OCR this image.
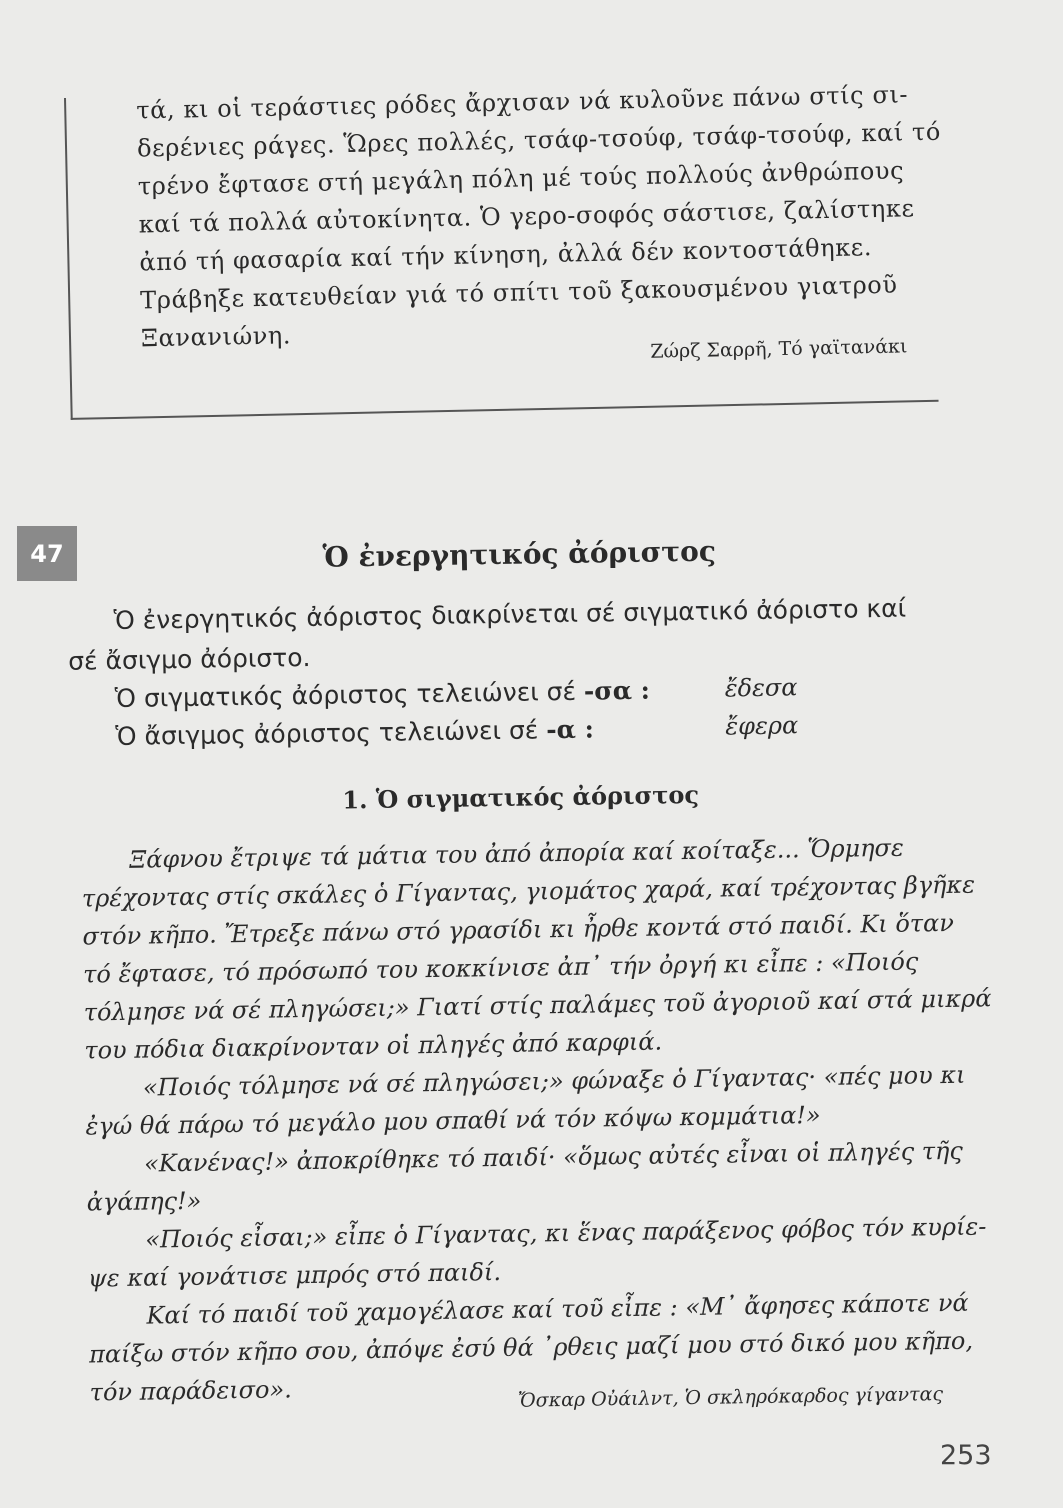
τά, κι οἱ τεράστιες ρόδες ἄρχισαν νά κυλοῦνε πάνω στίς σι-
δερένιες ράγες. Ὥρες πολλές, τσάφ-τσούφ, τσάφ-τσούφ, καί τό
τρένο ἔφτασε στή μεγάλη πόλη μέ τούς πολλούς ἀνθρώπους
καί τά πολλά αὐτοκίνητα. Ὁ γερο-σοφός σάστισε, ζαλίστηκε
ἀπό τή φασαρία καί τήν κίνηση, ἀλλά δέν κοντοστάθηκε.
Τράβηξε κατευθείαν γιά τό σπίτι τοῦ ξακουσμένου γιατροῦ
Ξανανιώνη.	Ζώρζ Σαρρῆ, Τό γαϊτανάκι
47	Ὁ ἐνεργητικός ἀόριστος
Ὁ ἐνεργητικός ἀόριστος διακρίνεται σέ σιγματικό ἀόριστο καί
σέ ἄσιγμο ἀόριστο.
Ὁ σιγματικός ἀόριστος τελειώνει σέ -σα :	ἔδεσα
Ὁ ἄσιγμος ἀόριστος τελειώνει σέ -α :	ἔφερα
1. Ὁ σιγματικός ἀόριστος
Ξάφνου ἔτριψε τά μάτια του ἀπό ἀπορία καί κοίταξε... Ὅρμησε
τρέχοντας στίς σκάλες ὁ Γίγαντας, γιομάτος χαρά, καί τρέχοντας βγῆκε
στόν κῆπο. Ἔτρεξε πάνω στό γρασίδι κι ἦρθε κοντά στό παιδί. Κι ὅταν
τό ἔφτασε, τό πρόσωπό του κοκκίνισε ἀπ᾿ τήν ὀργή κι εἶπε : «Ποιός
τόλμησε νά σέ πληγώσει;» Γιατί στίς παλάμες τοῦ ἀγοριοῦ καί στά μικρά
του πόδια διακρίνονταν οἱ πληγές ἀπό καρφιά.
«Ποιός τόλμησε νά σέ πληγώσει;» φώναξε ὁ Γίγαντας· «πές μου κι
ἐγώ θά πάρω τό μεγάλο μου σπαθί νά τόν κόψω κομμάτια!»
«Κανένας!» ἀποκρίθηκε τό παιδί· «ὅμως αὐτές εἶναι οἱ πληγές τῆς
ἀγάπης!»
«Ποιός εἶσαι;» εἶπε ὁ Γίγαντας, κι ἕνας παράξενος φόβος τόν κυρίε-
ψε καί γονάτισε μπρός στό παιδί.
Καί τό παιδί τοῦ χαμογέλασε καί τοῦ εἶπε : «Μ᾿ ἄφησες κάποτε νά
παίξω στόν κῆπο σου, ἀπόψε ἐσύ θά ᾿ρθεις μαζί μου στό δικό μου κῆπο,
τόν παράδεισο».	Ὄσκαρ Οὐάιλντ, Ὁ σκληρόκαρδος γίγαντας
253
